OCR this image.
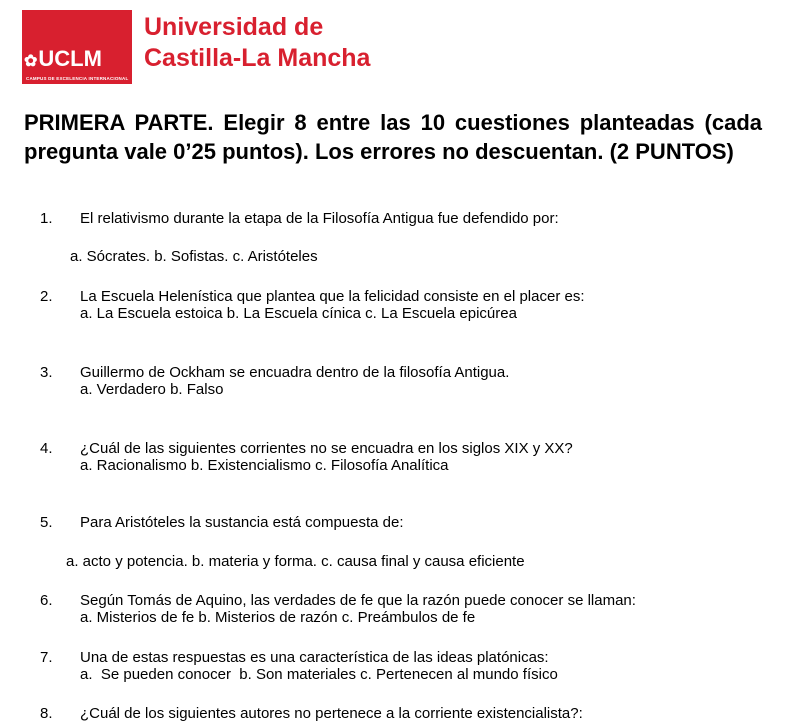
✿UCLM
CAMPUS DE EXCELENCIA INTERNACIONAL
Universidad de
Castilla-La Mancha
PRIMERA PARTE. Elegir 8 entre las 10 cuestiones planteadas (cada pregunta vale 0’25 puntos). Los errores no descuentan. (2 PUNTOS)
1. El relativismo durante la etapa de la Filosofía Antigua fue defendido por:
a. Sócrates. b. Sofistas. c. Aristóteles
2. La Escuela Helenística que plantea que la felicidad consiste en el placer es:
a. La Escuela estoica b. La Escuela cínica c. La Escuela epicúrea
3. Guillermo de Ockham se encuadra dentro de la filosofía Antigua.
a. Verdadero b. Falso
4. ¿Cuál de las siguientes corrientes no se encuadra en los siglos XIX y XX?
a. Racionalismo b. Existencialismo c. Filosofía Analítica
5. Para Aristóteles la sustancia está compuesta de:
a. acto y potencia. b. materia y forma. c. causa final y causa eficiente
6. Según Tomás de Aquino, las verdades de fe que la razón puede conocer se llaman:
a. Misterios de fe b. Misterios de razón c. Preámbulos de fe
7. Una de estas respuestas es una característica de las ideas platónicas:
a.  Se pueden conocer  b. Son materiales c. Pertenecen al mundo físico
8. ¿Cuál de los siguientes autores no pertenece a la corriente existencialista?:
